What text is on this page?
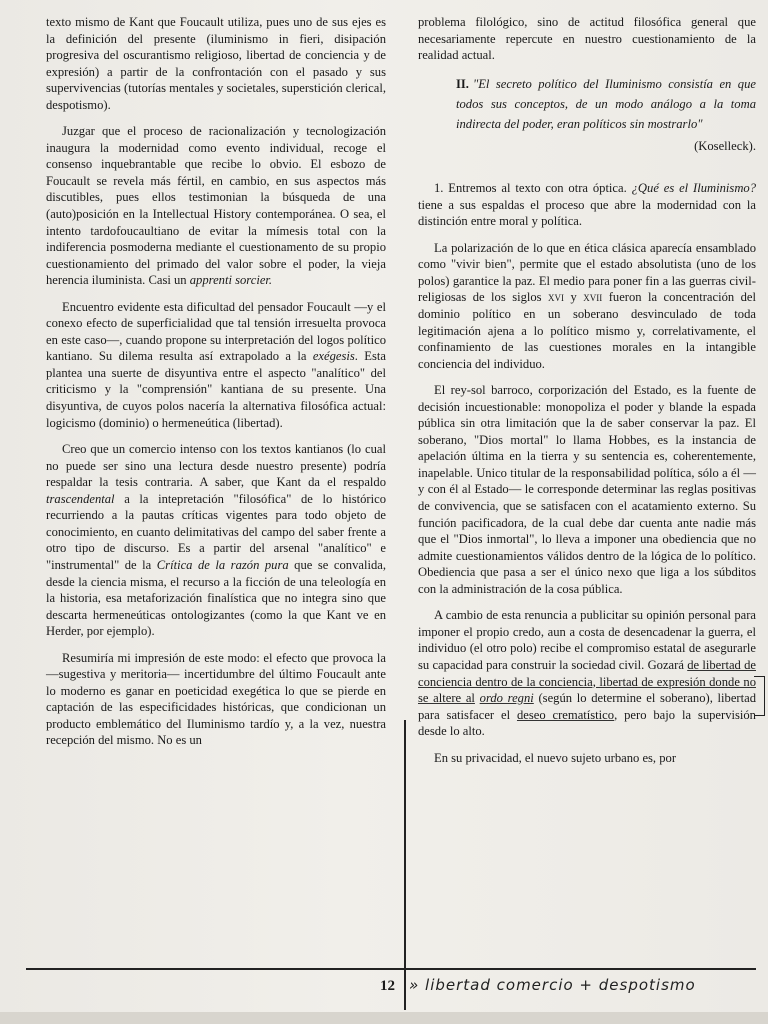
texto mismo de Kant que Foucault utiliza, pues uno de sus ejes es la definición del presente (iluminismo in fieri, disipación progresiva del oscurantismo religioso, libertad de conciencia y de expresión) a partir de la confrontación con el pasado y sus supervivencias (tutorías mentales y societales, superstición clerical, despotismo).

Juzgar que el proceso de racionalización y tecnologización inaugura la modernidad como evento individual, recoge el consenso inquebrantable que recibe lo obvio. El esbozo de Foucault se revela más fértil, en cambio, en sus aspectos más discutibles, pues ellos testimonian la búsqueda de una (auto)posición en la Intellectual History contemporánea. O sea, el intento tardofoucaultiano de evitar la mímesis total con la indiferencia posmoderna mediante el cuestionamento de su propio cuestionamiento del primado del valor sobre el poder, la vieja herencia iluminista. Casi un apprenti sorcier.

Encuentro evidente esta dificultad del pensador Foucault —y el conexo efecto de superficialidad que tal tensión irresuelta provoca en este caso—, cuando propone su interpretación del logos político kantiano. Su dilema resulta así extrapolado a la exégesis. Esta plantea una suerte de disyuntiva entre el aspecto "analítico" del criticismo y la "comprensión" kantiana de su presente. Una disyuntiva, de cuyos polos nacería la alternativa filosófica actual: logicismo (dominio) o hermeneútica (libertad).

Creo que un comercio intenso con los textos kantianos (lo cual no puede ser sino una lectura desde nuestro presente) podría respaldar la tesis contraria. A saber, que Kant da el respaldo trascendental a la intepretación "filosófica" de lo histórico recurriendo a la pautas críticas vigentes para todo objeto de conocimiento, en cuanto delimitativas del campo del saber frente a otro tipo de discurso. Es a partir del arsenal "analítico" e "instrumental" de la Crítica de la razón pura que se convalida, desde la ciencia misma, el recurso a la ficción de una teleología en la historia, esa metaforización finalística que no integra sino que descarta hermeneúticas ontologizantes (como la que Kant ve en Herder, por ejemplo).

Resumiría mi impresión de este modo: el efecto que provoca la —sugestiva y meritoria— incertidumbre del último Foucault ante lo moderno es ganar en poeticidad exegética lo que se pierde en captación de las especificidades históricas, que condicionan un producto emblemático del Iluminismo tardío y, a la vez, nuestra recepción del mismo. No es un

problema filológico, sino de actitud filosófica general que necesariamente repercute en nuestro cuestionamiento de la realidad actual.

II. "El secreto político del Iluminismo consistía en que todos sus conceptos, de un modo análogo a la toma indirecta del poder, eran políticos sin mostrarlo"
(Koselleck).

1. Entremos al texto con otra óptica. ¿Qué es el Iluminismo? tiene a sus espaldas el proceso que abre la modernidad con la distinción entre moral y política.

La polarización de lo que en ética clásica aparecía ensamblado como "vivir bien", permite que el estado absolutista (uno de los polos) garantice la paz. El medio para poner fin a las guerras civil-religiosas de los siglos xvi y xvii fueron la concentración del dominio político en un soberano desvinculado de toda legitimación ajena a lo político mismo y, correlativamente, el confinamiento de las cuestiones morales en la intangible conciencia del individuo.

El rey-sol barroco, corporización del Estado, es la fuente de decisión incuestionable: monopoliza el poder y blande la espada pública sin otra limitación que la de saber conservar la paz. El soberano, "Dios mortal" lo llama Hobbes, es la instancia de apelación última en la tierra y su sentencia es, coherentemente, inapelable. Unico titular de la responsabilidad política, sólo a él —y con él al Estado— le corresponde determinar las reglas positivas de convivencia, que se satisfacen con el acatamiento externo. Su función pacificadora, de la cual debe dar cuenta ante nadie más que el "Dios inmortal", lo lleva a imponer una obediencia que no admite cuestionamientos válidos dentro de la lógica de lo político. Obediencia que pasa a ser el único nexo que liga a los súbditos con la administración de la cosa pública.

A cambio de esta renuncia a publicitar su opinión personal para imponer el propio credo, aun a costa de desencadenar la guerra, el individuo (el otro polo) recibe el compromiso estatal de asegurarle su capacidad para construir la sociedad civil. Gozará de libertad de conciencia dentro de la conciencia, libertad de expresión donde no se altere al ordo regni (según lo determine el soberano), libertad para satisfacer el deseo crematístico, pero bajo la supervisión desde lo alto.

En su privacidad, el nuevo sujeto urbano es, por

12 » libertad comercio + despotismo
